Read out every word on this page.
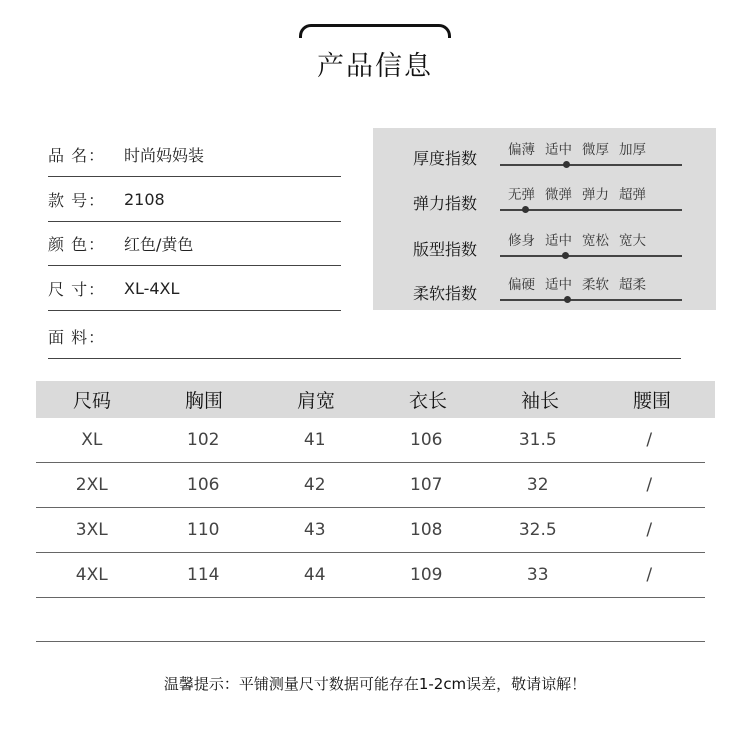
产品信息
品 名：	时尚妈妈装
款 号：	2108
颜 色：	红色/黄色
尺 寸：	XL-4XL
面 料：
厚度指数 偏薄 适中 微厚 加厚
弹力指数 无弹 微弹 弹力 超弹
版型指数 修身 适中 宽松 宽大
柔软指数 偏硬 适中 柔软 超柔
尺码	胸围	肩宽	衣长	袖长	腰围
XL	102	41	106	31.5	/
2XL	106	42	107	32	/
3XL	110	43	108	32.5	/
4XL	114	44	109	33	/
温馨提示：平铺测量尺寸数据可能存在1-2cm误差，敬请谅解！
